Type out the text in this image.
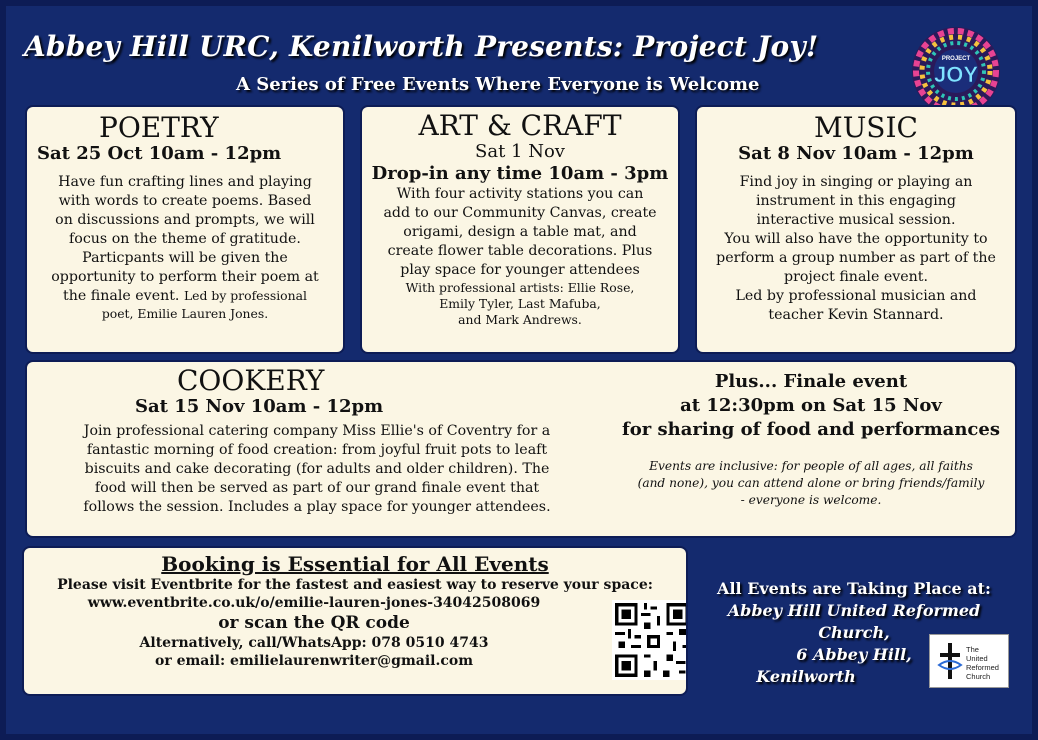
Abbey Hill URC, Kenilworth Presents: Project Joy!
A Series of Free Events Where Everyone is Welcome
PROJECT
JOY
POETRY
Sat 25 Oct 10am - 12pm
Have fun crafting lines and playing
with words to create poems. Based
on discussions and prompts, we will
focus on the theme of gratitude.
Particpants will be given the
opportunity to perform their poem at
the finale event. Led by professional
poet, Emilie Lauren Jones.
ART & CRAFT
Sat 1 Nov
Drop-in any time 10am - 3pm
With four activity stations you can
add to our Community Canvas, create
origami, design a table mat, and
create flower table decorations. Plus
play space for younger attendees
With professional artists: Ellie Rose,
Emily Tyler, Last Mafuba,
and Mark Andrews.
MUSIC
Sat 8 Nov 10am - 12pm
Find joy in singing or playing an
instrument in this engaging
interactive musical session.
You will also have the opportunity to
perform a group number as part of the
project finale event.
Led by professional musician and
teacher Kevin Stannard.
COOKERY
Sat 15 Nov 10am - 12pm
Join professional catering company Miss Ellie's of Coventry for a
fantastic morning of food creation: from joyful fruit pots to leaft
biscuits and cake decorating (for adults and older children). The
food will then be served as part of our grand finale event that
follows the session. Includes a play space for younger attendees.
Plus... Finale event
at 12:30pm on Sat 15 Nov
for sharing of food and performances
Events are inclusive: for people of all ages, all faiths
(and none), you can attend alone or bring friends/family
- everyone is welcome.
Booking is Essential for All Events
Please visit Eventbrite for the fastest and easiest way to reserve your space:
www.eventbrite.co.uk/o/emilie-lauren-jones-34042508069
or scan the QR code
Alternatively, call/WhatsApp: 078 0510 4743
or email: emilielaurenwriter@gmail.com
All Events are Taking Place at:
Abbey Hill United Reformed Church,
6 Abbey Hill,
Kenilworth
The
United
Reformed
Church
